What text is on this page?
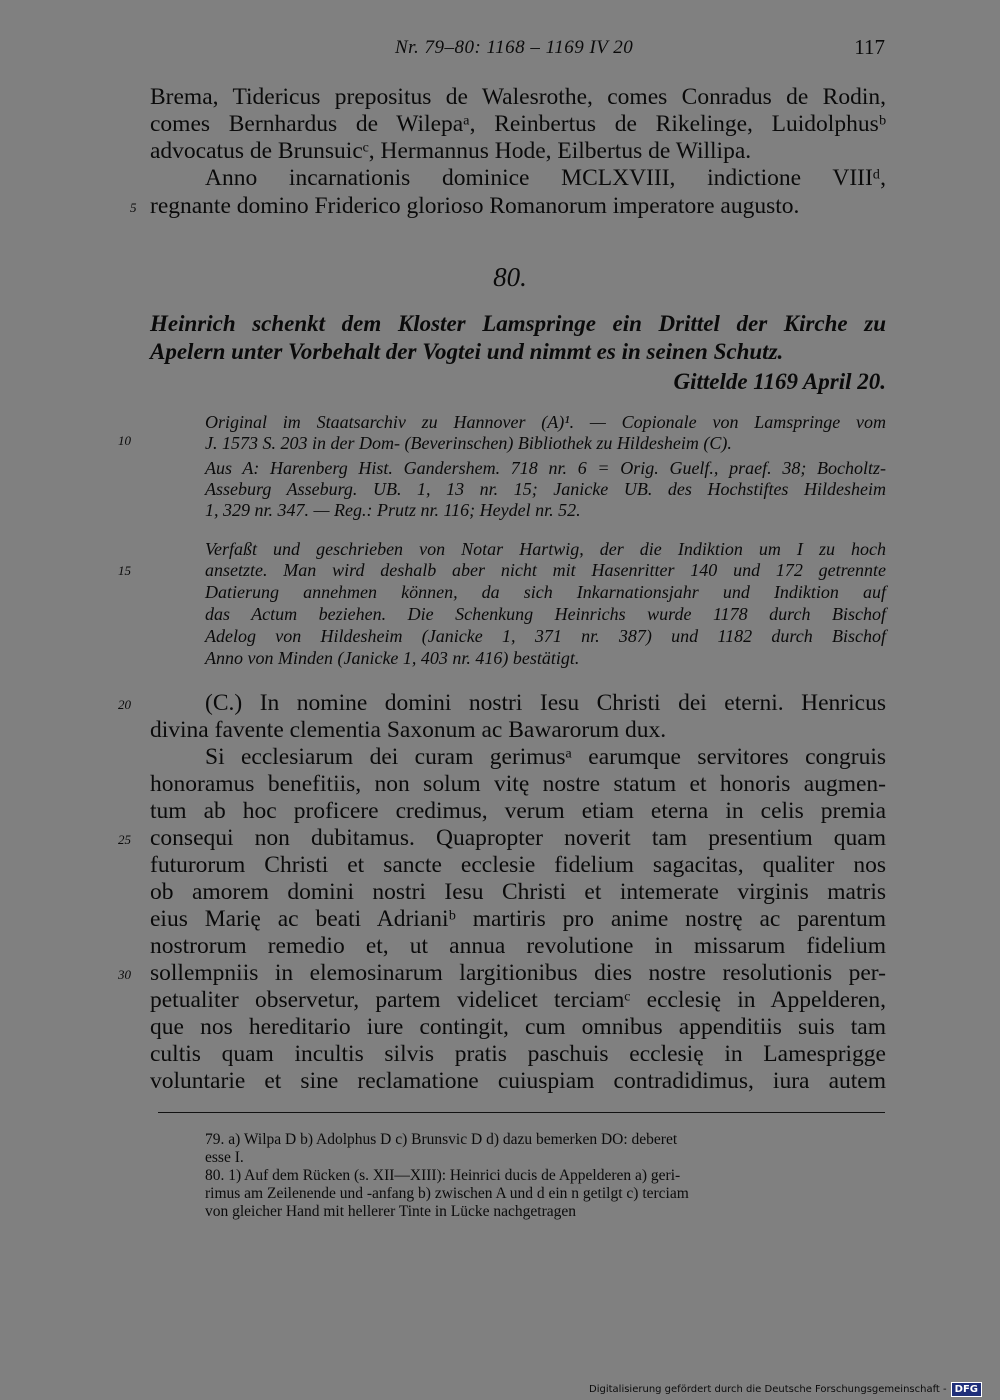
Nr. 79–80: 1168 – 1169 IV 20	117
Brema, Tidericus prepositus de Walesrothe, comes Conradus de Rodin,
comes Bernhardus de Wilepaᵃ, Reinbertus de Rikelinge, Luidolphusᵇ
advocatus de Brunsuicᶜ, Hermannus Hode, Eilbertus de Willipa.
Anno incarnationis dominice MCLXVIII, indictione VIIIᵈ,
regnante domino Friderico glorioso Romanorum imperatore augusto.
5
10
15
20
25
30
80.
Heinrich schenkt dem Kloster Lamspringe ein Drittel der Kirche zu
Apelern unter Vorbehalt der Vogtei und nimmt es in seinen Schutz.
Gittelde 1169 April 20.
Original im Staatsarchiv zu Hannover (A)¹. — Copionale von Lamspringe vom
J. 1573 S. 203 in der Dom- (Beverinschen) Bibliothek zu Hildesheim (C).
Aus A: Harenberg Hist. Gandershem. 718 nr. 6 = Orig. Guelf., praef. 38; Bocholtz-
Asseburg Asseburg. UB. 1, 13 nr. 15; Janicke UB. des Hochstiftes Hildesheim
1, 329 nr. 347. — Reg.: Prutz nr. 116; Heydel nr. 52.
Verfaßt und geschrieben von Notar Hartwig, der die Indiktion um I zu hoch
ansetzte. Man wird deshalb aber nicht mit Hasenritter 140 und 172 getrennte
Datierung annehmen können, da sich Inkarnationsjahr und Indiktion auf
das Actum beziehen. Die Schenkung Heinrichs wurde 1178 durch Bischof
Adelog von Hildesheim (Janicke 1, 371 nr. 387) und 1182 durch Bischof
Anno von Minden (Janicke 1, 403 nr. 416) bestätigt.
(C.) In nomine domini nostri Iesu Christi dei eterni. Henricus
divina favente clementia Saxonum ac Bawarorum dux.
Si ecclesiarum dei curam gerimusᵃ earumque servitores congruis
honoramus benefitiis, non solum vitę nostre statum et honoris augmen-
tum ab hoc proficere credimus, verum etiam eterna in celis premia
consequi non dubitamus. Quapropter noverit tam presentium quam
futurorum Christi et sancte ecclesie fidelium sagacitas, qualiter nos
ob amorem domini nostri Iesu Christi et intemerate virginis matris
eius Marię ac beati Adrianiᵇ martiris pro anime nostrę ac parentum
nostrorum remedio et, ut annua revolutione in missarum fidelium
sollempniis in elemosinarum largitionibus dies nostre resolutionis per-
petualiter observetur, partem videlicet terciamᶜ ecclesię in Appelderen,
que nos hereditario iure contingit, cum omnibus appenditiis suis tam
cultis quam incultis silvis pratis paschuis ecclesię in Lamesprigge
voluntarie et sine reclamatione cuiuspiam contradidimus, iura autem
79. a) Wilpa D b) Adolphus D c) Brunsvic D d) dazu bemerken DO: deberet
esse I.
80. 1) Auf dem Rücken (s. XII—XIII): Heinrici ducis de Appelderen a) geri-
rimus am Zeilenende und -anfang b) zwischen A und d ein n getilgt c) terciam
von gleicher Hand mit hellerer Tinte in Lücke nachgetragen
Digitalisierung gefördert durch die Deutsche Forschungsgemeinschaft - DFG
